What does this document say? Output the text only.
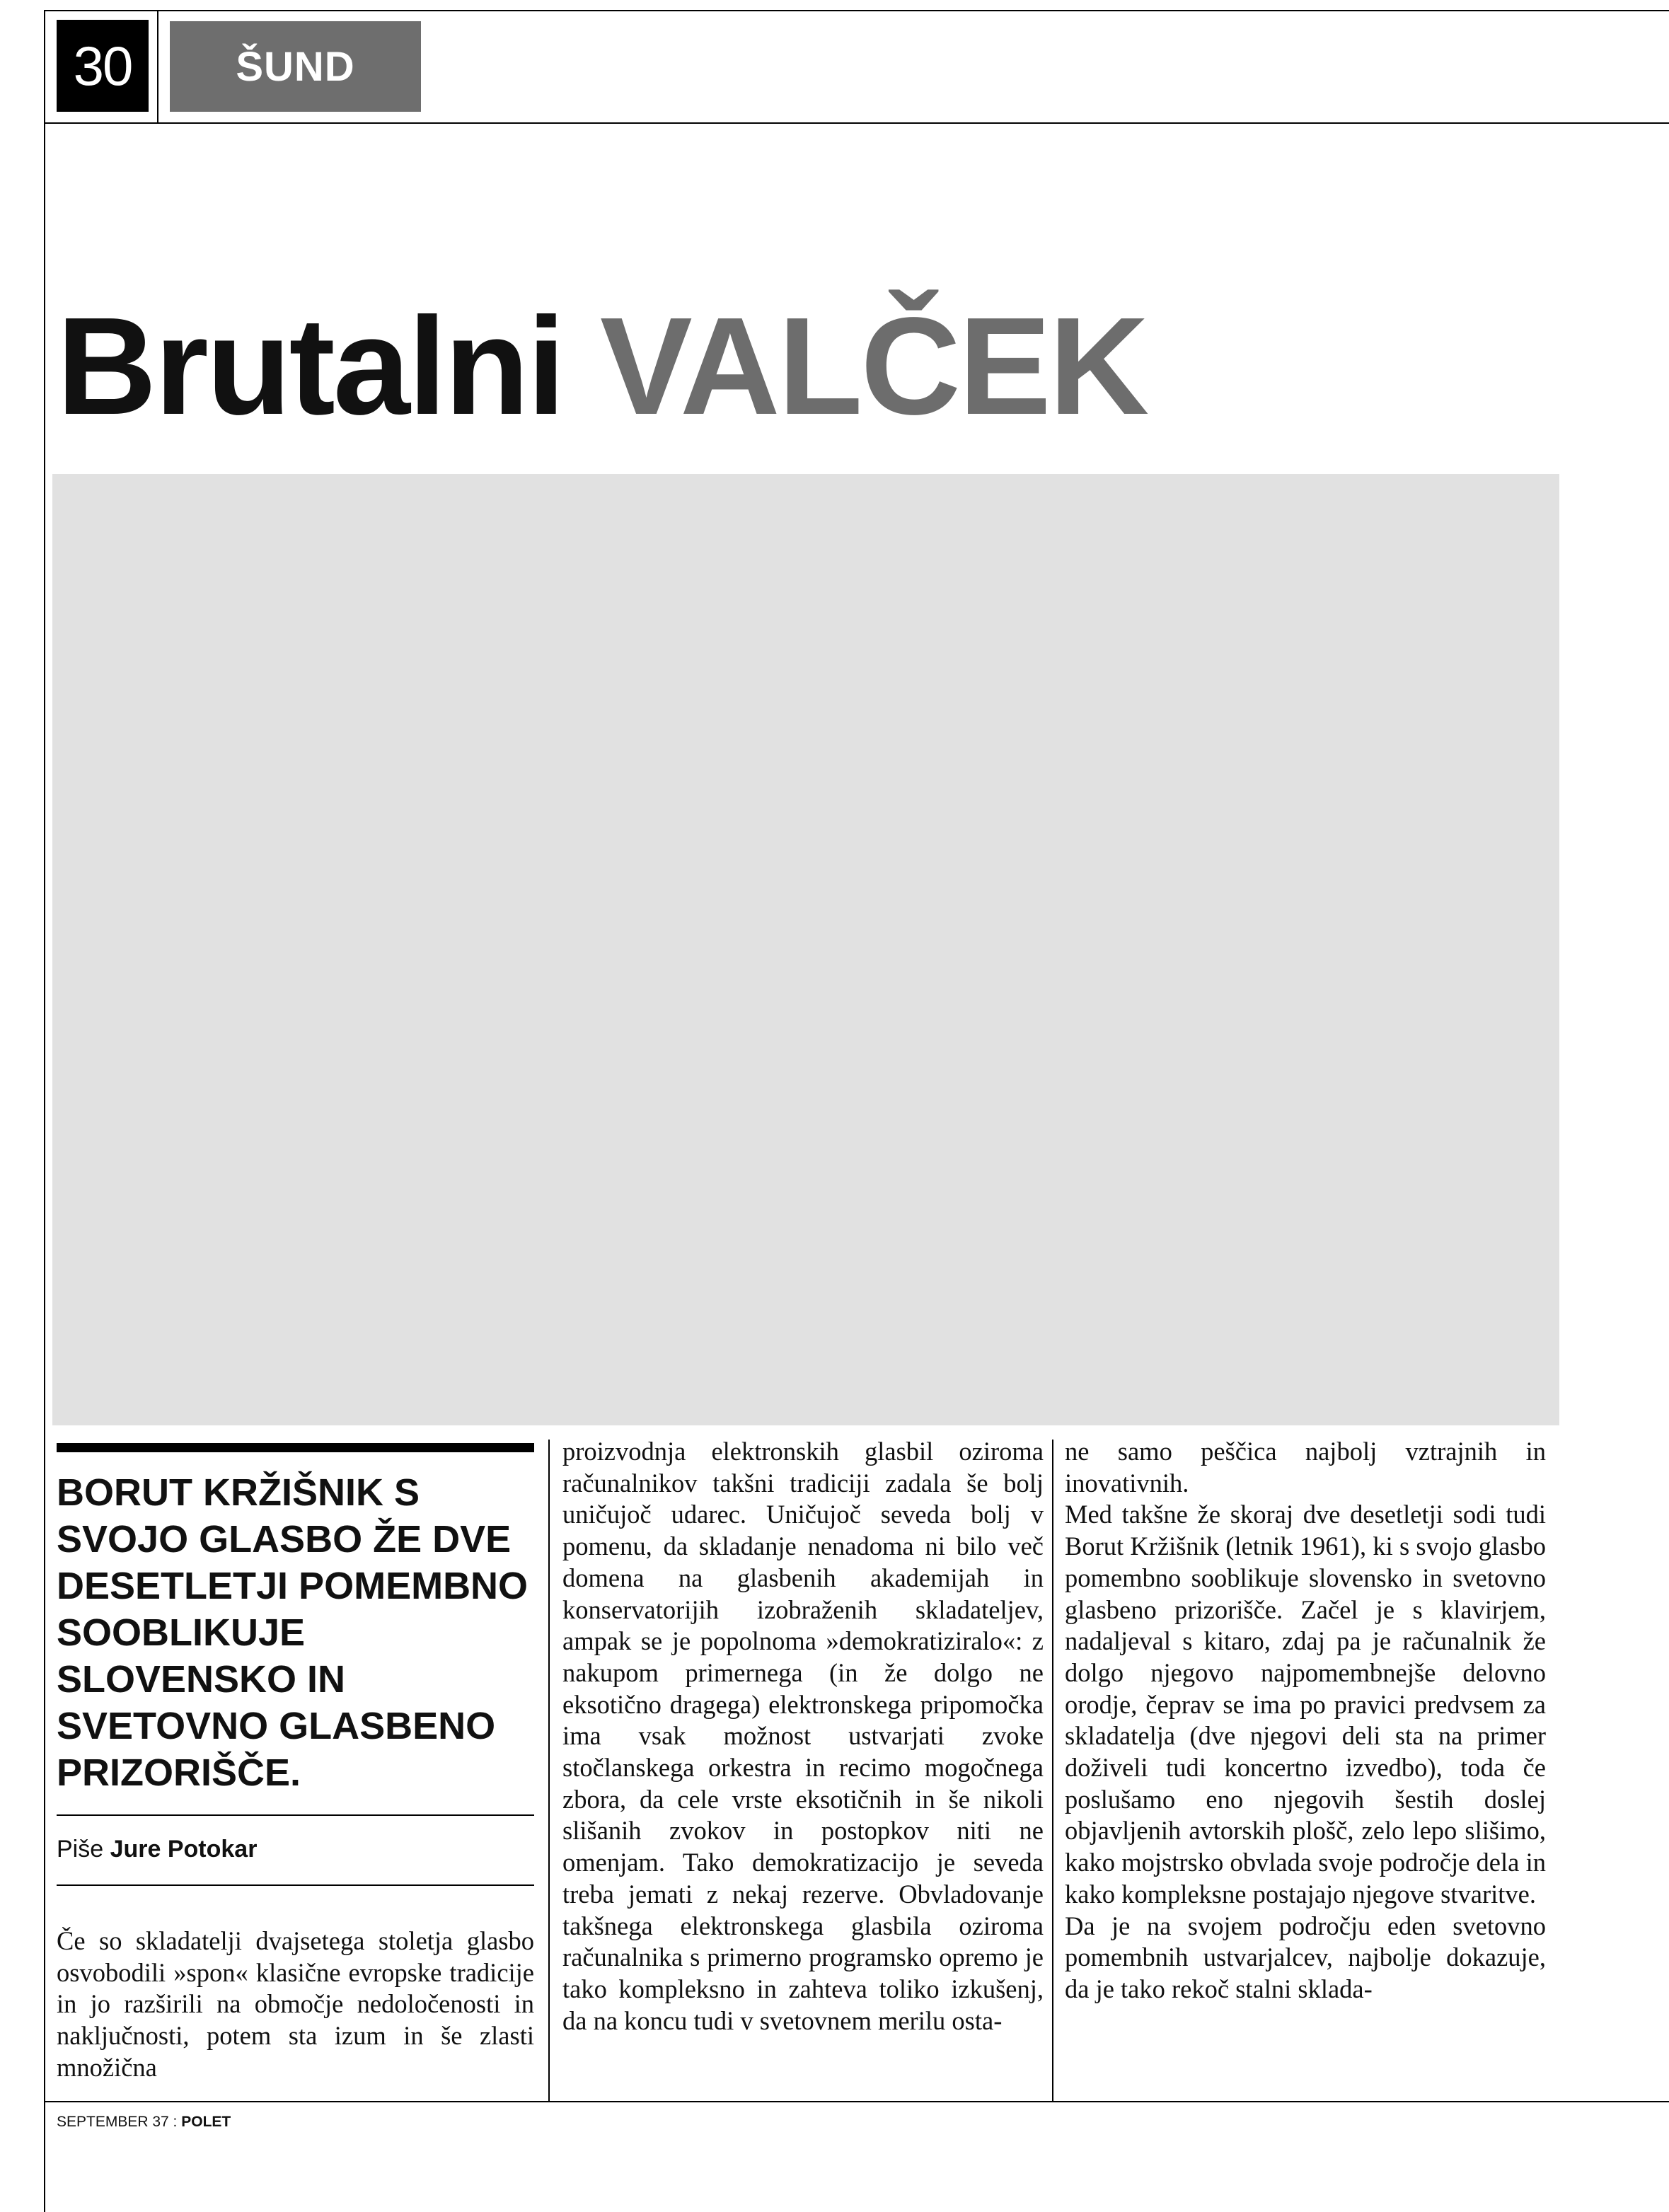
30	ŠUND
Brutalni VALČEK

BORUT KRŽIŠNIK S SVOJO GLASBO ŽE DVE DESETLETJI POMEMBNO SOOBLIKUJE SLOVENSKO IN SVETOVNO GLASBENO PRIZORIŠČE.

Piše Jure Potokar

Če so skladatelji dvajsetega stoletja glasbo osvobodili »spon« klasične evropske tradicije in jo razširili na območje nedoločenosti in naključnosti, potem sta izum in še zlasti množična

proizvodnja elektronskih glasbil oziroma računalnikov takšni tradiciji zadala še bolj uničujoč udarec. Uničujoč seveda bolj v pomenu, da skladanje nenadoma ni bilo več domena na glasbenih akademijah in konservatorijih izobraženih skladateljev, ampak se je popolnoma »demokratiziralo«: z nakupom primernega (in že dolgo ne eksotično dragega) elektronskega pripomočka ima vsak možnost ustvarjati zvoke stočlanskega orkestra in recimo mogočnega zbora, da cele vrste eksotičnih in še nikoli slišanih zvokov in postopkov niti ne omenjam. Tako demokratizacijo je seveda treba jemati z nekaj rezerve. Obvladovanje takšnega elektronskega glasbila oziroma računalnika s primerno programsko opremo je tako kompleksno in zahteva toliko izkušenj, da na koncu tudi v svetovnem merilu osta-

ne samo peščica najbolj vztrajnih in inovativnih.

Med takšne že skoraj dve desetletji sodi tudi Borut Kržišnik (letnik 1961), ki s svojo glasbo pomembno sooblikuje slovensko in svetovno glasbeno prizorišče. Začel je s klavirjem, nadaljeval s kitaro, zdaj pa je računalnik že dolgo njegovo najpomembnejše delovno orodje, čeprav se ima po pravici predvsem za skladatelja (dve njegovi deli sta na primer doživeli tudi koncertno izvedbo), toda če poslušamo eno njegovih šestih doslej objavljenih avtorskih plošč, zelo lepo slišimo, kako mojstrsko obvlada svoje področje dela in kako kompleksne postajajo njegove stvaritve.

Da je na svojem področju eden svetovno pomembnih ustvarjalcev, najbolje dokazuje, da je tako rekoč stalni sklada-

SEPTEMBER 37 : POLET
